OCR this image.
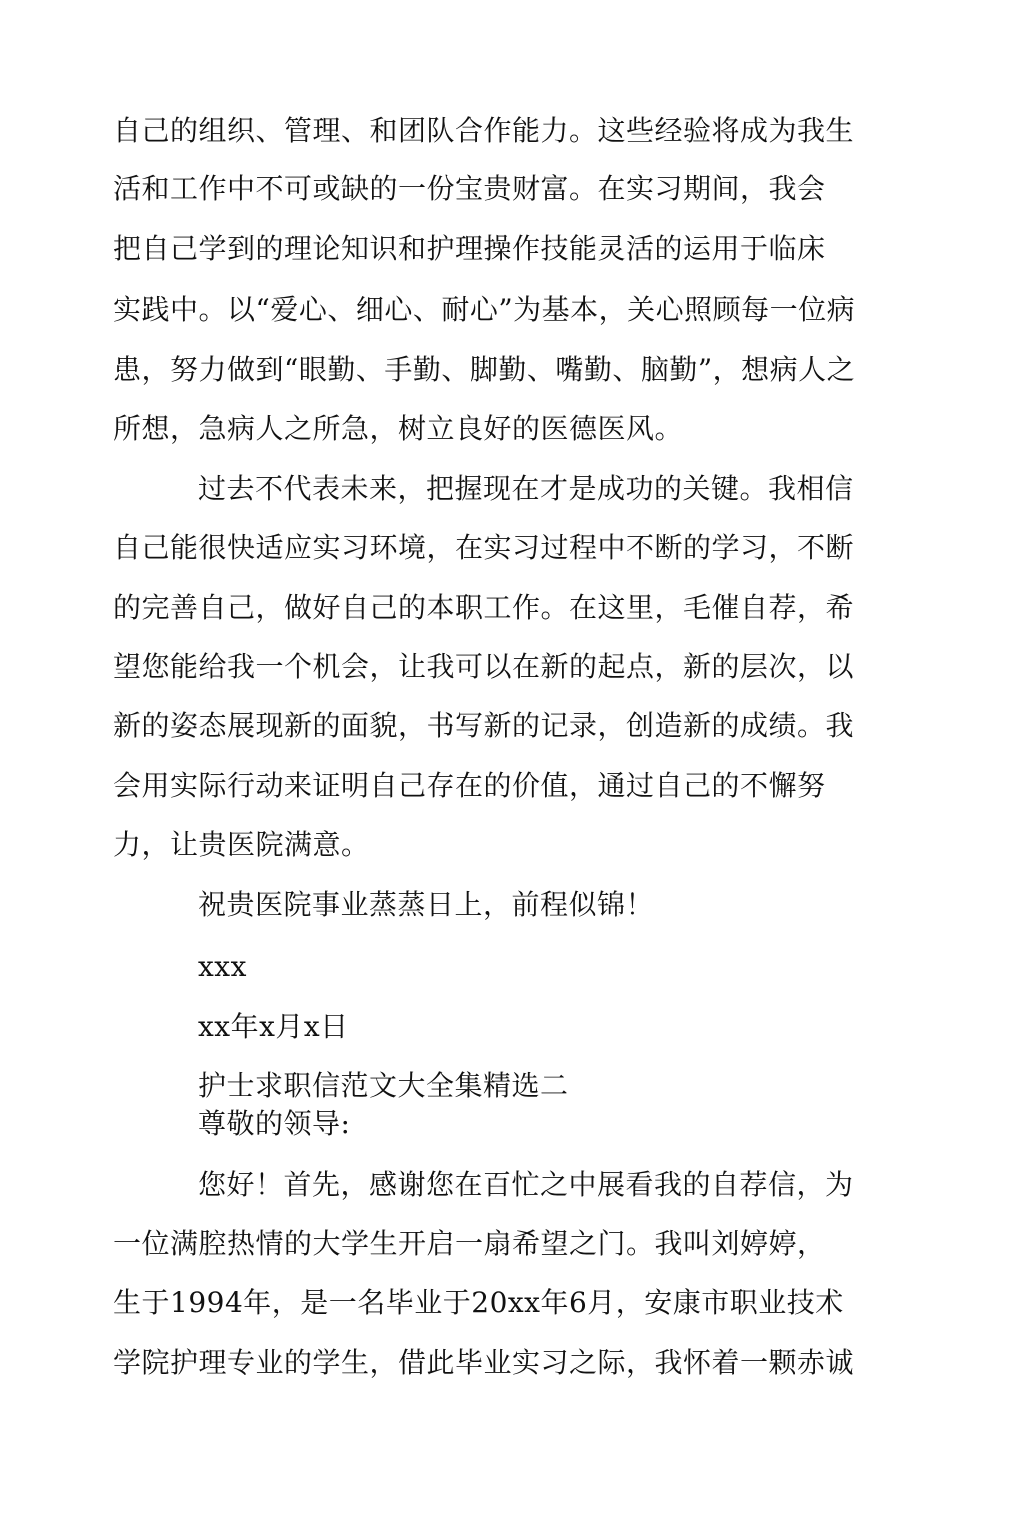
自己的组织、管理、和团队合作能力。这些经验将成为我生
活和工作中不可或缺的一份宝贵财富。在实习期间，我会
把自己学到的理论知识和护理操作技能灵活的运用于临床
实践中。以“爱心、细心、耐心”为基本，关心照顾每一位病
患，努力做到“眼勤、手勤、脚勤、嘴勤、脑勤”，想病人之
所想，急病人之所急，树立良好的医德医风。
过去不代表未来，把握现在才是成功的关键。我相信
自己能很快适应实习环境，在实习过程中不断的学习，不断
的完善自己，做好自己的本职工作。在这里，毛催自荐，希
望您能给我一个机会，让我可以在新的起点，新的层次，以
新的姿态展现新的面貌，书写新的记录，创造新的成绩。我
会用实际行动来证明自己存在的价值，通过自己的不懈努
力，让贵医院满意。
祝贵医院事业蒸蒸日上，前程似锦！
xxx
xx年x月x日
护士求职信范文大全集精选二
尊敬的领导:
您好！首先，感谢您在百忙之中展看我的自荐信，为
一位满腔热情的大学生开启一扇希望之门。我叫刘婷婷，
生于1994年，是一名毕业于20xx年6月，安康市职业技术
学院护理专业的学生，借此毕业实习之际，我怀着一颗赤诚
